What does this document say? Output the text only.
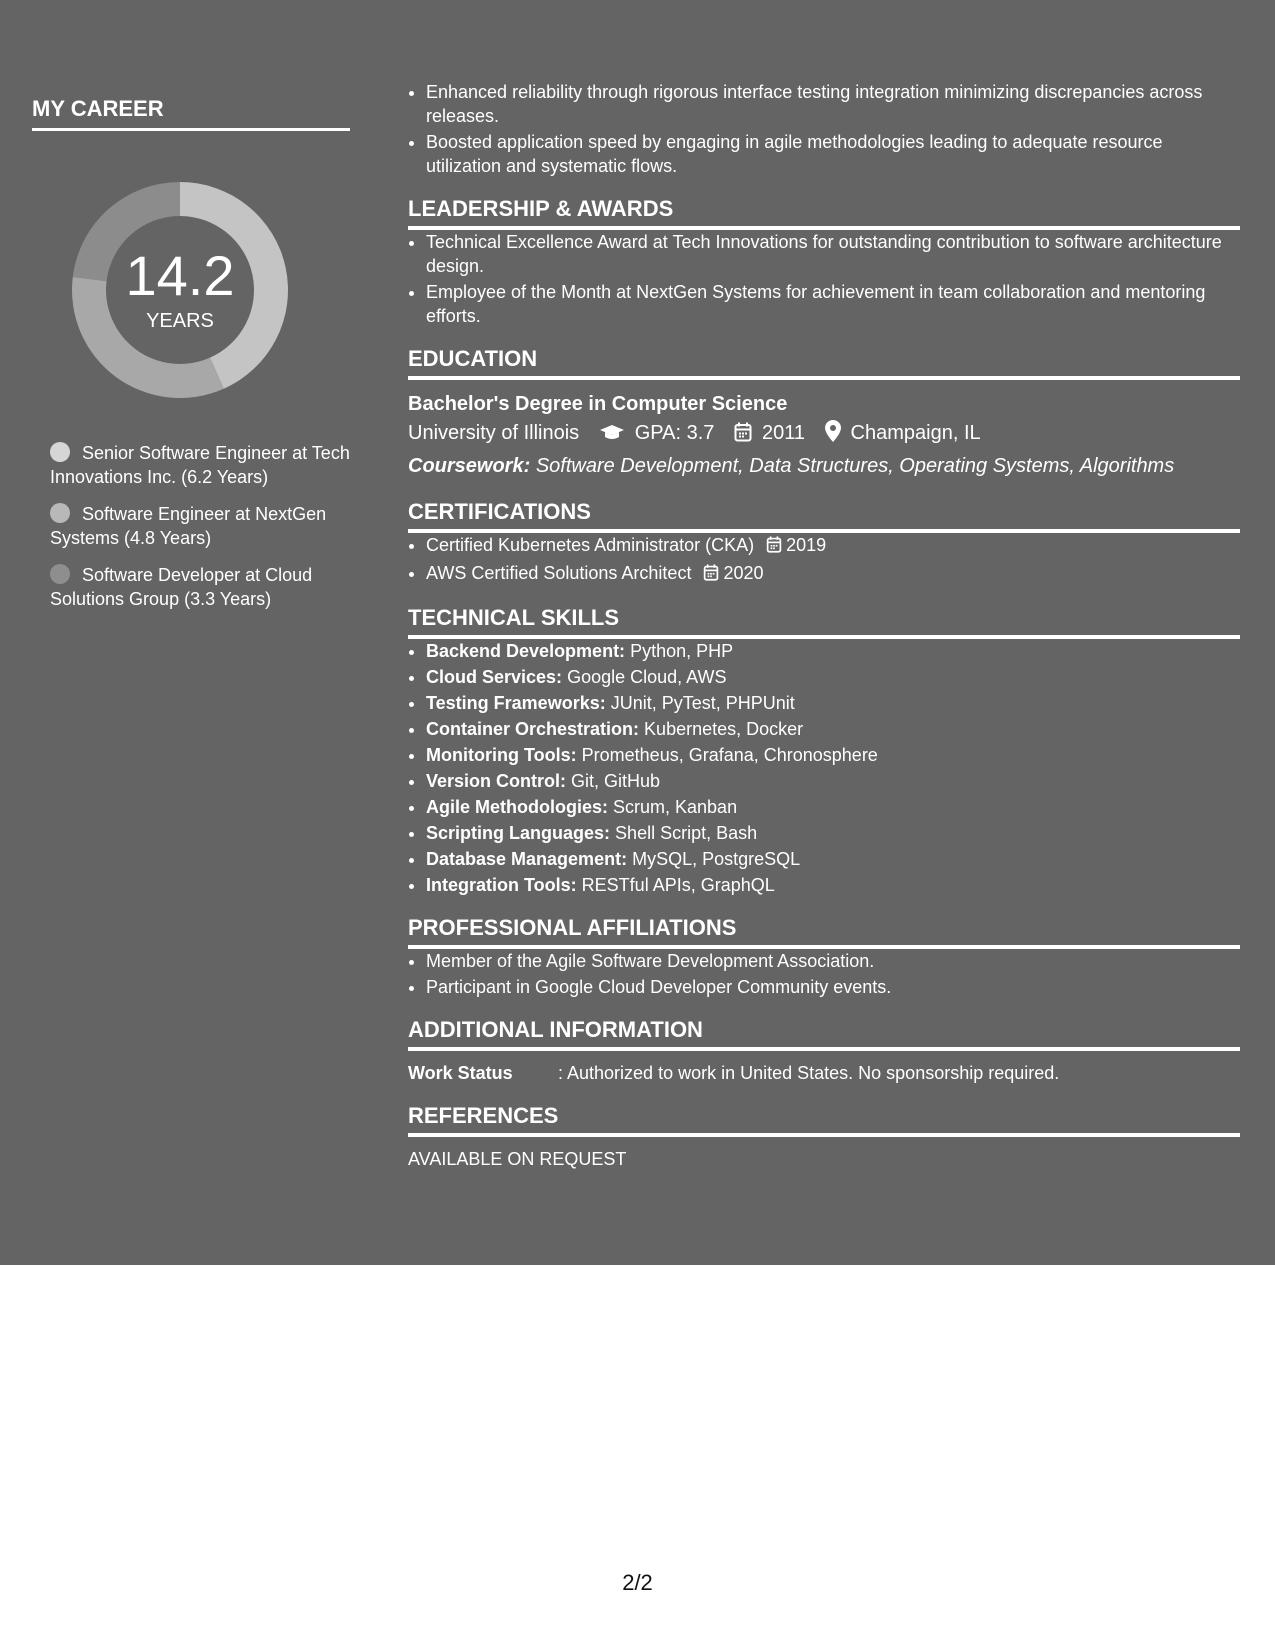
MY CAREER
14.2
YEARS
Senior Software Engineer at Tech Innovations Inc. (6.2 Years)
Software Engineer at NextGen Systems (4.8 Years)
Software Developer at Cloud Solutions Group (3.3 Years)
• Enhanced reliability through rigorous interface testing integration minimizing discrepancies across releases.
• Boosted application speed by engaging in agile methodologies leading to adequate resource utilization and systematic flows.
LEADERSHIP & AWARDS
• Technical Excellence Award at Tech Innovations for outstanding contribution to software architecture design.
• Employee of the Month at NextGen Systems for achievement in team collaboration and mentoring efforts.
EDUCATION
Bachelor's Degree in Computer Science
University of Illinois	GPA: 3.7 2011 Champaign, IL
Coursework: Software Development, Data Structures, Operating Systems, Algorithms
CERTIFICATIONS
• Certified Kubernetes Administrator (CKA) 2019
• AWS Certified Solutions Architect 2020
TECHNICAL SKILLS
• Backend Development: Python, PHP
• Cloud Services: Google Cloud, AWS
• Testing Frameworks: JUnit, PyTest, PHPUnit
• Container Orchestration: Kubernetes, Docker
• Monitoring Tools: Prometheus, Grafana, Chronosphere
• Version Control: Git, GitHub
• Agile Methodologies: Scrum, Kanban
• Scripting Languages: Shell Script, Bash
• Database Management: MySQL, PostgreSQL
• Integration Tools: RESTful APIs, GraphQL
PROFESSIONAL AFFILIATIONS
• Member of the Agile Software Development Association.
• Participant in Google Cloud Developer Community events.
ADDITIONAL INFORMATION
Work Status	: Authorized to work in United States. No sponsorship required.
REFERENCES
AVAILABLE ON REQUEST
2/2
